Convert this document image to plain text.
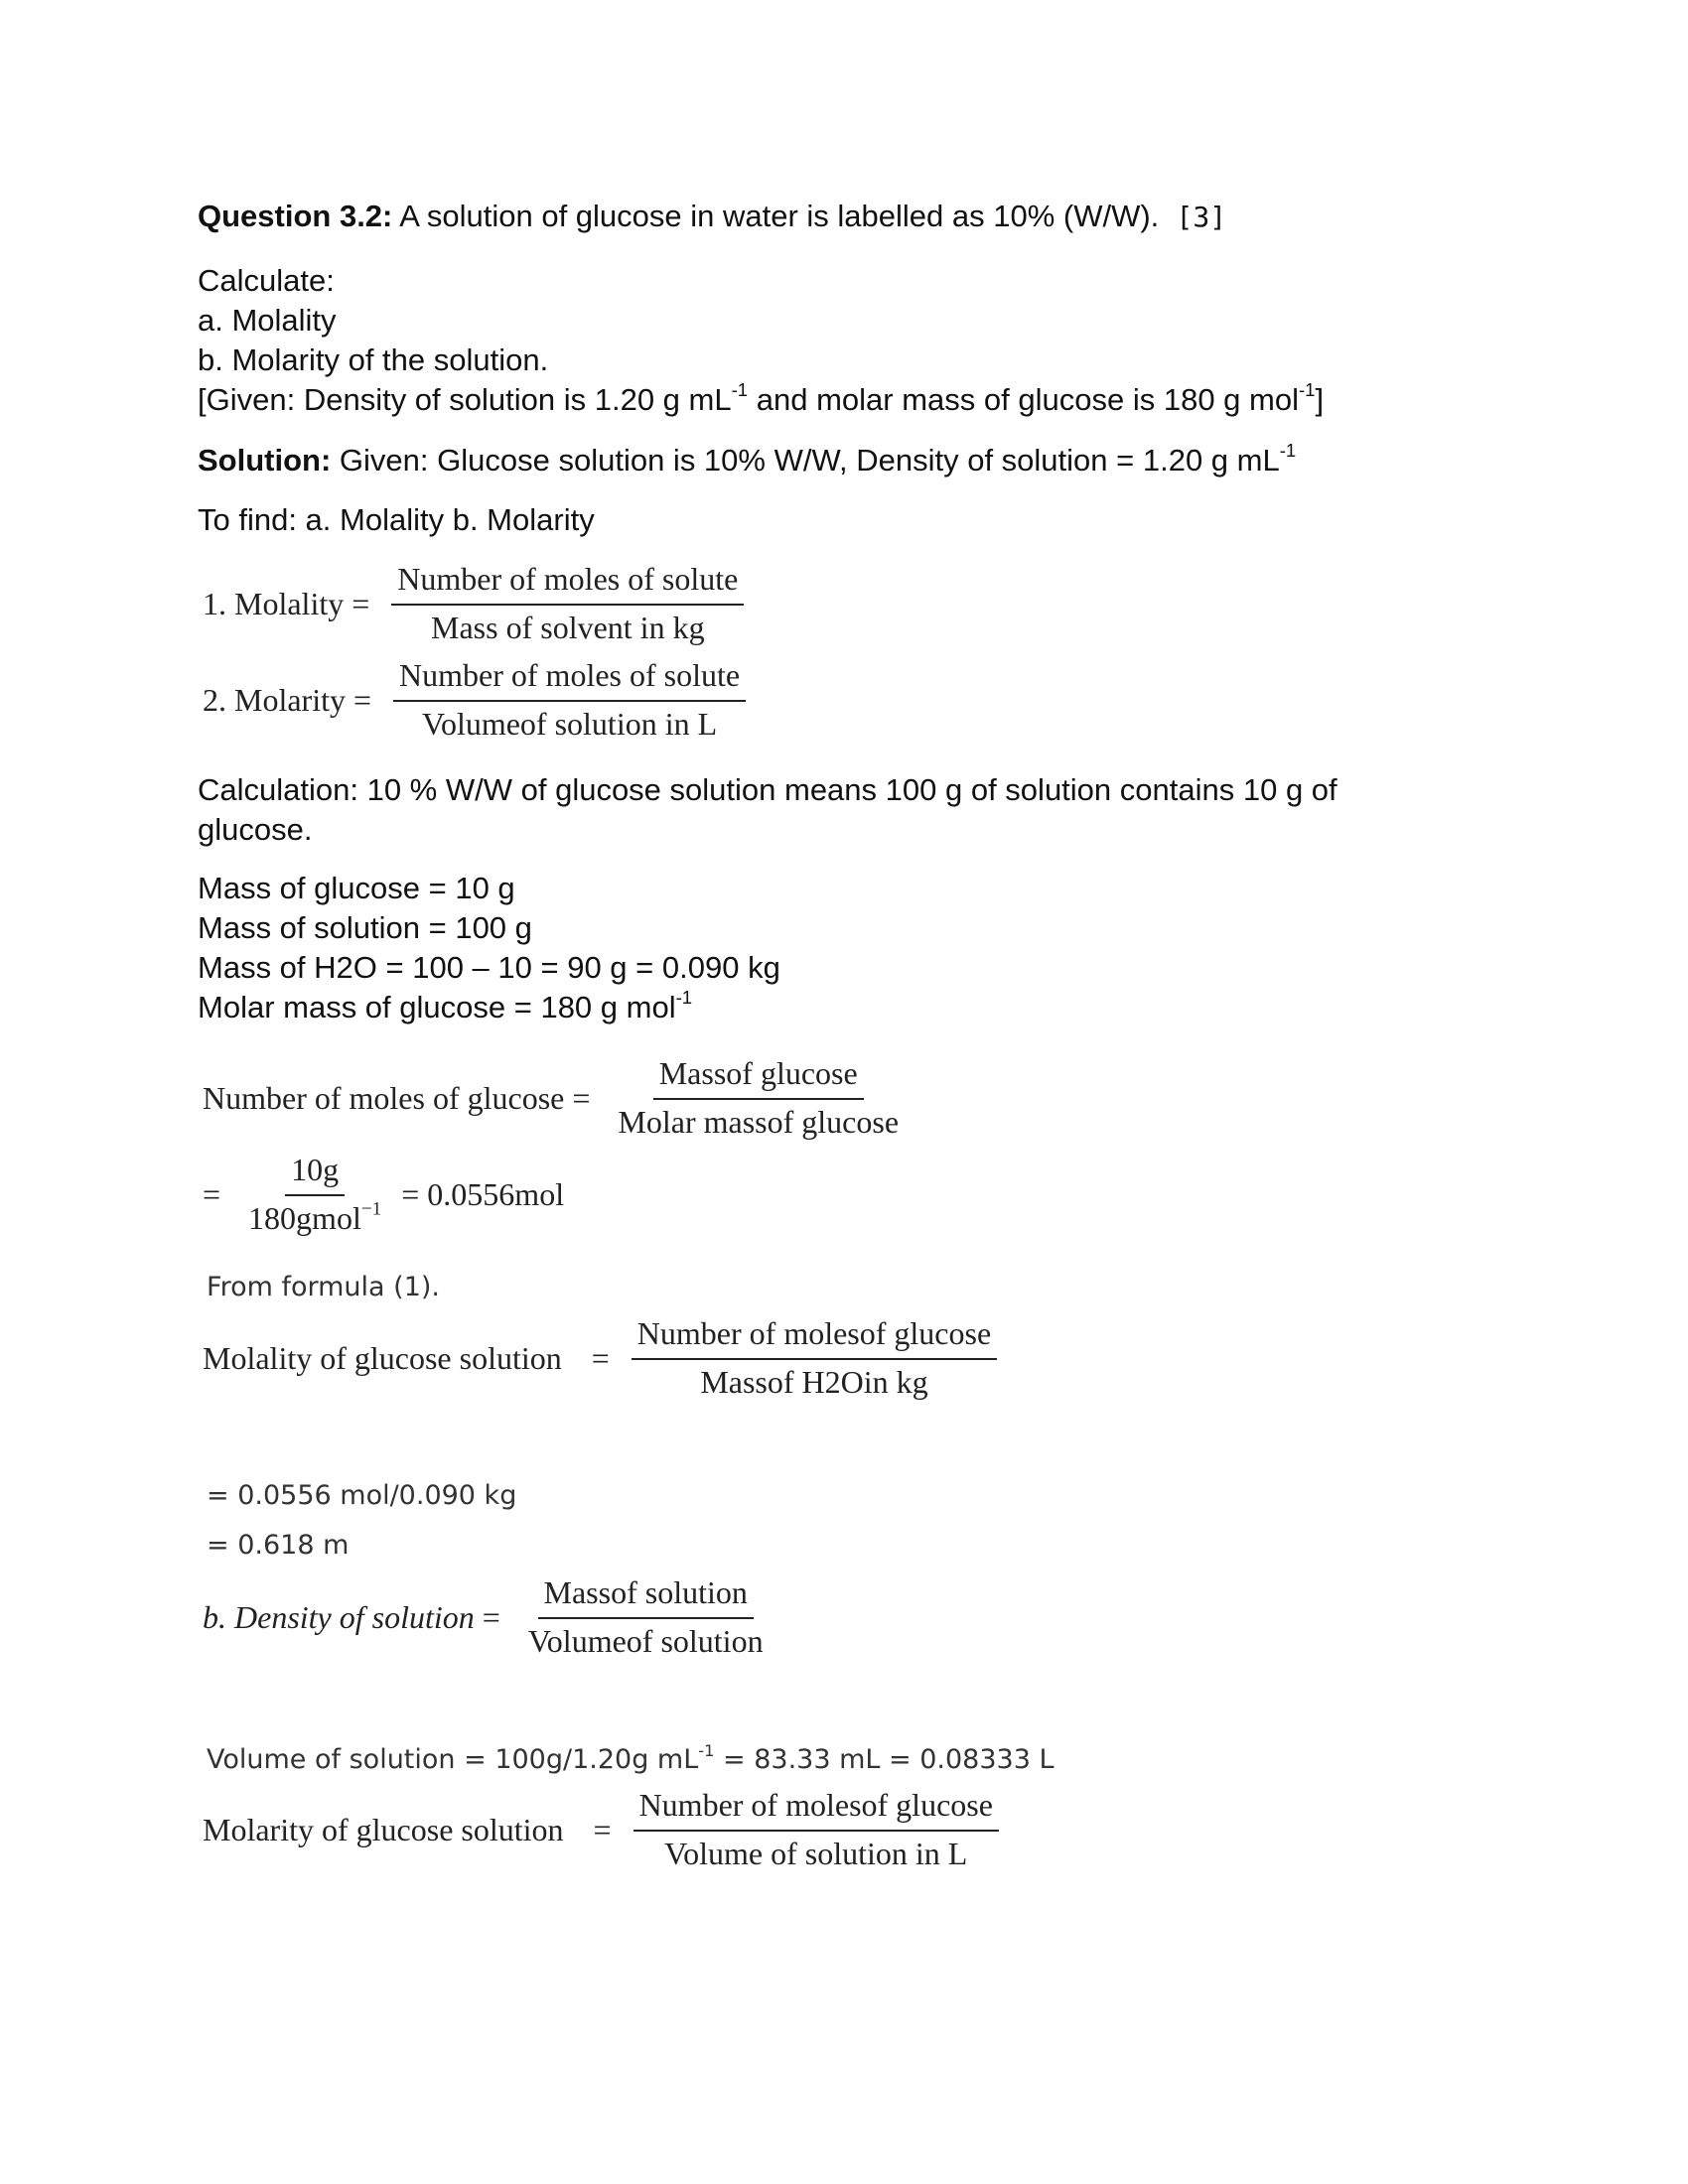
Question 3.2: A solution of glucose in water is labelled as 10% (W/W). [3]
Calculate:
a. Molality
b. Molarity of the solution.
[Given: Density of solution is 1.20 g $mL^{-1}$ and molar mass of glucose is 180 g mol$^{-1}$]
Solution: Given: Glucose solution is 10% W/W, Density of solution = 1.20 g $mL^{-1}$
To find: a. Molality b. Molarity
1. Molality = $\frac{\text{Number of moles of solute}}{\text{Mass of solvent in kg}}$
2. Molarity = $\frac{\text{Number of moles of solute}}{\text{Volumeof solution in L}}$
Calculation: 10 % W/W of glucose solution means 100 g of solution contains 10 g of glucose.
Mass of glucose = 10 g
Mass of solution = 100 g
Mass of H2O = 100 – 10 = 90 g = 0.090 kg
Molar mass of glucose = 180 g mol$^{-1}$
Number of moles of $glucose = \frac{\text{Massof glucose}}{\text{Molar massof glucose}}$
= $\frac{10g}{180gmol^{-1}} = 0.0556mol$
From formula (1).
Molality of glucose solution = $\frac{\text{Number of molesof glucose}}{\text{Massof H2Oin kg}}$
= 0.0556 mol/0.090 kg
= 0.618 m
b. Density of solution = $\frac{\text{Massof solution}}{\text{Volumeof solution}}$
Volume of solution = 100g/1.20g $mL^{-1} = 83.33$ mL = 0.08333 L
Molarity of glucose solution = $\frac{\text{Number of molesof glucose}}{\text{Volume of solution in L}}$
